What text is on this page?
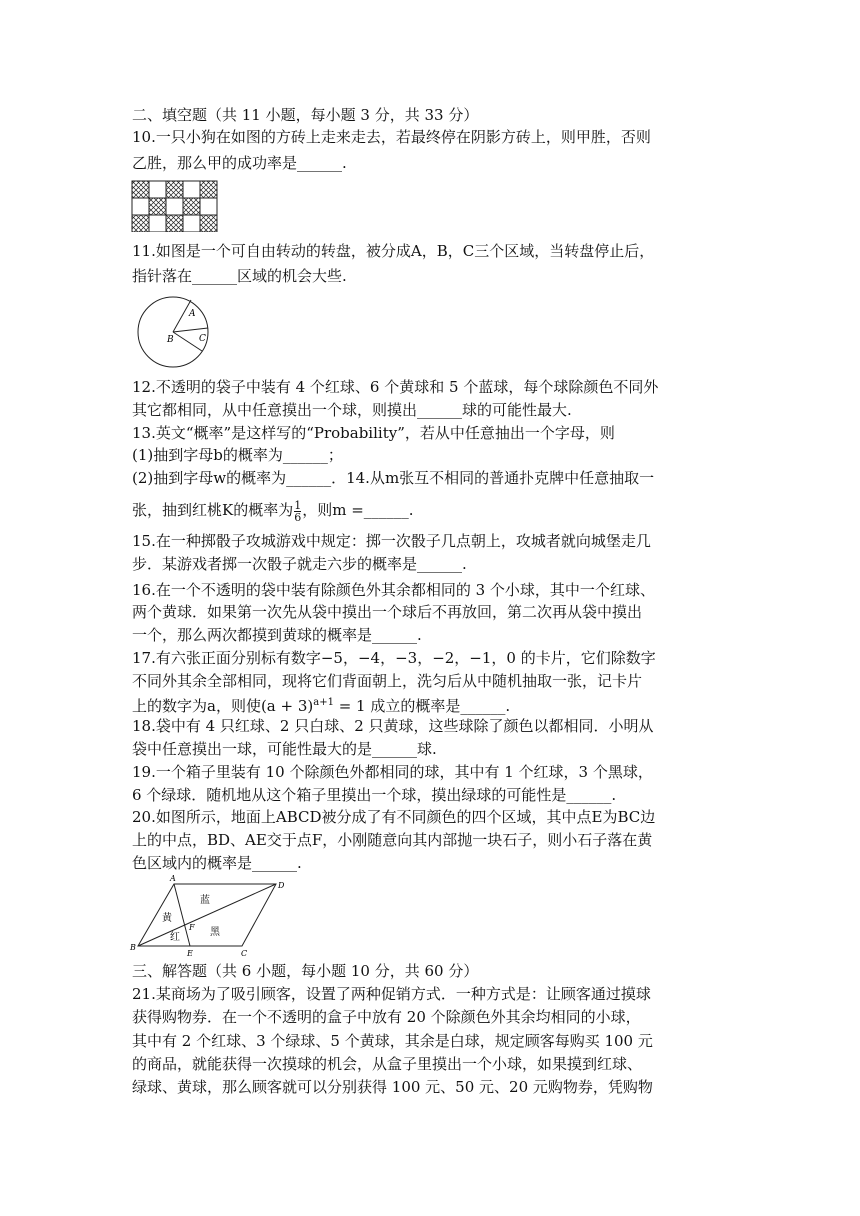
二、填空题（共 11 小题，每小题 3 分，共 33 分）
10.一只小狗在如图的方砖上走来走去，若最终停在阴影方砖上，则甲胜，否则
乙胜，那么甲的成功率是______.
11.如图是一个可自由转动的转盘，被分成A，B，C三个区域，当转盘停止后，
指针落在______区域的机会大些.
A
B	C
12.不透明的袋子中装有 4 个红球、6 个黄球和 5 个蓝球，每个球除颜色不同外
其它都相同，从中任意摸出一个球，则摸出______球的可能性最大.
13.英文“概率”是这样写的“Probability”，若从中任意抽出一个字母，则
(1)抽到字母b的概率为______；
(2)抽到字母w的概率为______．14.从m张互不相同的普通扑克牌中任意抽取一
张，抽到红桃K的概率为 $\frac{1}{6}$ ，则m =______.
15.在一种掷骰子攻城游戏中规定：掷一次骰子几点朝上，攻城者就向城堡走几
步．某游戏者掷一次骰子就走六步的概率是______.
16.在一个不透明的袋中装有除颜色外其余都相同的 3 个小球，其中一个红球、
两个黄球．如果第一次先从袋中摸出一个球后不再放回，第二次再从袋中摸出
一个，那么两次都摸到黄球的概率是______.
17.有六张正面分别标有数字−5，−4，−3，−2，−1，0 的卡片，它们除数字
不同外其余全部相同，现将它们背面朝上，洗匀后从中随机抽取一张，记卡片
上的数字为a，则使$(a + 3)^{a+1} = 1$ 成立的概率是______.
18.袋中有 4 只红球、2 只白球、2 只黄球，这些球除了颜色以都相同．小明从
袋中任意摸出一球，可能性最大的是______球.
19.一个箱子里装有 10 个除颜色外都相同的球，其中有 1 个红球，3 个黑球，
6 个绿球．随机地从这个箱子里摸出一个球，摸出绿球的可能性是______.
20.如图所示，地面上ABCD被分成了有不同颜色的四个区域，其中点E为BC边
上的中点，BD、AE交于点F，小刚随意向其内部抛一块石子，则小石子落在黄
色区域内的概率是______.
A
D
B
C
E
F
蓝
黄
红	黑
三、解答题（共 6 小题，每小题 10 分，共 60 分）
21.某商场为了吸引顾客，设置了两种促销方式．一种方式是：让顾客通过摸球
获得购物券．在一个不透明的盒子中放有 20 个除颜色外其余均相同的小球，
其中有 2 个红球、3 个绿球、5 个黄球，其余是白球，规定顾客每购买 100 元
的商品，就能获得一次摸球的机会，从盒子里摸出一个小球，如果摸到红球、
绿球、黄球，那么顾客就可以分别获得 100 元、50 元、20 元购物券，凭购物
